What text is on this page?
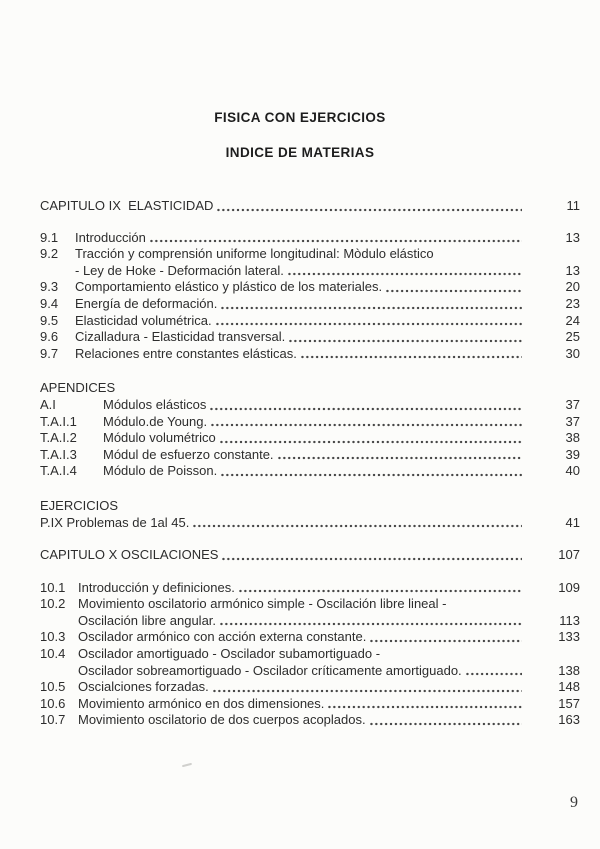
FISICA CON EJERCICIOS
INDICE DE MATERIAS
CAPITULO IX  ELASTICIDAD	11
9.1	Introducción	13
9.2	Tracción y comprensión uniforme longitudinal: Mòdulo elástico
- Ley de Hoke - Deformación lateral.	13
9.3	Comportamiento elástico y plástico de los materiales.	20
9.4	Energía de deformación.	23
9.5	Elasticidad volumétrica.	24
9.6	Cizalladura - Elasticidad transversal.	25
9.7	Relaciones entre constantes elásticas.	30
APENDICES
A.I	Módulos elásticos	37
T.A.I.1	Módulo.de Young.	37
T.A.I.2	Módulo volumétrico	38
T.A.I.3	Módul de esfuerzo constante.	39
T.A.I.4	Módulo de Poisson.	40
EJERCICIOS
P.IX Problemas de 1al 45.	41
CAPITULO X OSCILACIONES	107
10.1 Introducción y definiciones.	109
10.2 Movimiento oscilatorio armónico simple - Oscilación libre lineal -
Oscilación libre angular.	113
10.3 Oscilador armónico con acción externa constante.	133
10.4 Oscilador amortiguado - Oscilador subamortiguado -
Oscilador sobreamortiguado - Oscilador críticamente amortiguado.	138
10.5 Oscialciones forzadas.	148
10.6 Movimiento armónico en dos dimensiones.	157
10.7 Movimiento oscilatorio de dos cuerpos acoplados.	163
9
